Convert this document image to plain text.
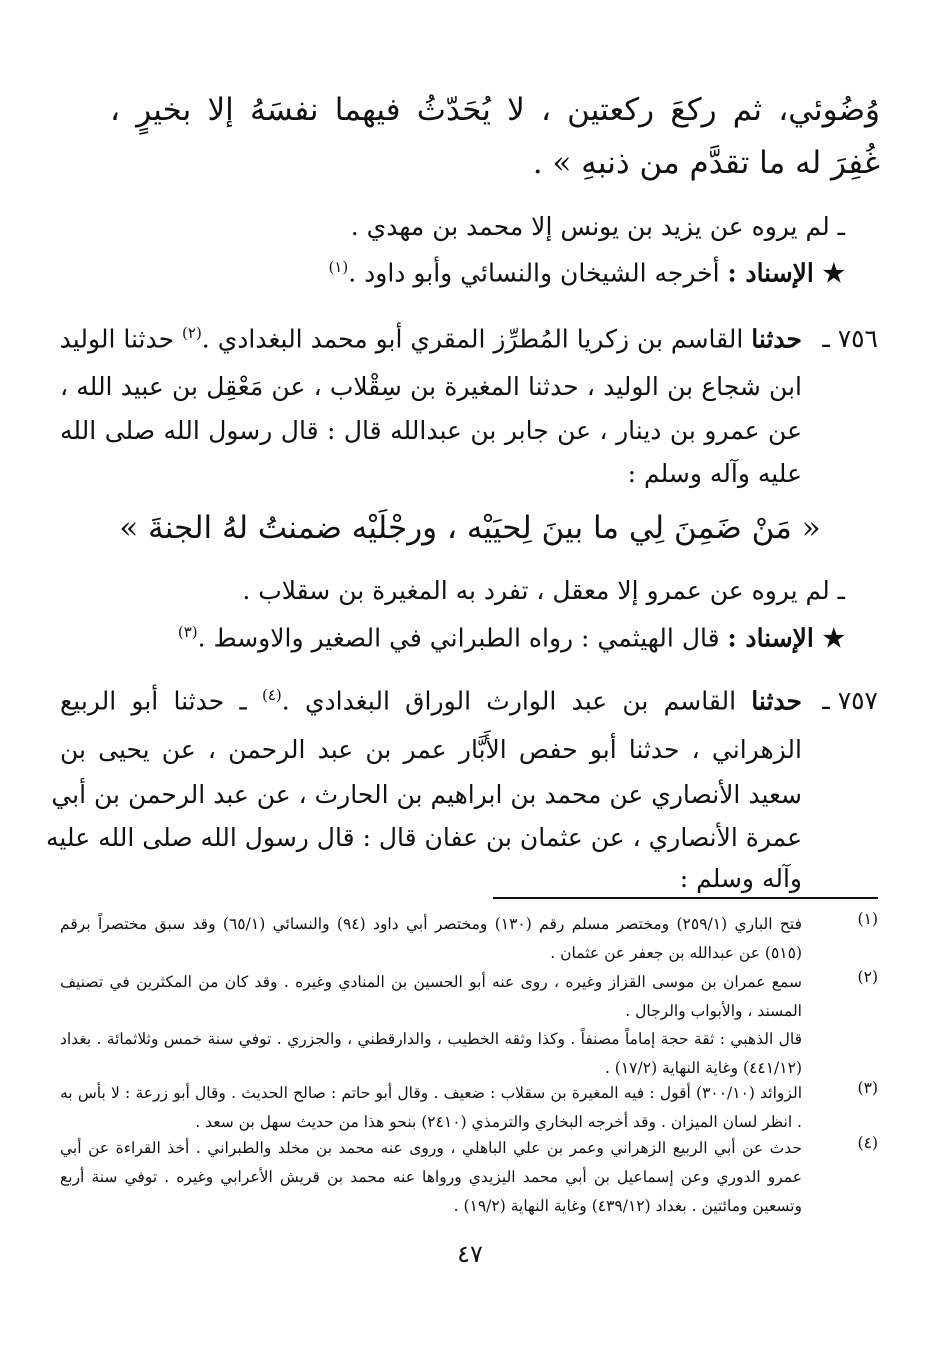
وُضُوئي، ثم ركعَ ركعتين ، لا يُحَدّثُ فيهما نفسَهُ إلا بخيرٍ ،
غُفِرَ له ما تقدَّم من ذنبهِ » .
ـ لم يروه عن يزيد بن يونس إلا محمد بن مهدي .
★ الإسناد : أخرجه الشيخان والنسائي وأبو داود .$^{(١)}$
٧٥٦ ـ
حدثنا القاسم بن زكريا المُطرِّز المقري أبو محمد البغدادي .$^{(٢)}$ حدثنا الوليد
ابن شجاع بن الوليد ، حدثنا المغيرة بن سِقْلاب ، عن مَعْقِل بن عبيد الله ،
عن عمرو بن دينار ، عن جابر بن عبدالله قال : قال رسول الله صلى الله
عليه وآله وسلم :
« مَنْ ضَمِنَ لِي ما بينَ لِحيَيْه ، ورجْلَيْه ضمنتُ لهُ الجنةَ »
ـ لم يروه عن عمرو إلا معقل ، تفرد به المغيرة بن سقلاب .
★ الإسناد : قال الهيثمي : رواه الطبراني في الصغير والاوسط .$^{(٣)}$
٧٥٧ ـ
حدثنا القاسم بن عبد الوارث الوراق البغدادي .$^{(٤)}$ ـ حدثنا أبو الربيع
الزهراني ، حدثنا أبو حفص الأَبَّار عمر بن عبد الرحمن ، عن يحيى بن
سعيد الأنصاري عن محمد بن ابراهيم بن الحارث ، عن عبد الرحمن بن أبي
عمرة الأنصاري ، عن عثمان بن عفان قال : قال رسول الله صلى الله عليه
وآله وسلم :
(١)
فتح الباري (٢٥٩/١) ومختصر مسلم رقم (١٣٠) ومختصر أبي داود (٩٤) والنسائي (٦٥/١) وقد سبق مختصراً برقم (٥١٥) عن عبدالله بن جعفر عن عثمان .
(٢)
سمع عمران بن موسى القزاز وغيره ، روى عنه أبو الحسين بن المنادي وغيره . وقد كان من المكثرين في تصنيف المسند ، والأبواب والرجال .
قال الذهبي : ثقة حجة إماماً مصنفاً . وكذا وثقه الخطيب ، والدارقطني ، والجزري . توفي سنة خمس وثلاثمائة . بغداد (٤٤١/١٢) وغاية النهاية (١٧/٢) .
(٣)
الزوائد (٣٠٠/١٠) أقول : فيه المغيرة بن سقلاب : ضعيف . وقال أبو حاتم : صالح الحديث . وقال أبو زرعة : لا بأس به . انظر لسان الميزان . وقد أخرجه البخاري والترمذي (٢٤١٠) بنحو هذا من حديث سهل بن سعد .
(٤)
حدث عن أبي الربيع الزهراني وعمر بن علي الباهلي ، وروى عنه محمد بن مخلد والطبراني . أخذ القراءة عن أبي عمرو الدوري وعن إسماعيل بن أبي محمد اليزيدي ورواها عنه محمد بن قريش الأعرابي وغيره . توفي سنة أربع وتسعين ومائتين . بغداد (٤٣٩/١٢) وغاية النهاية (١٩/٢) .
٤٧
